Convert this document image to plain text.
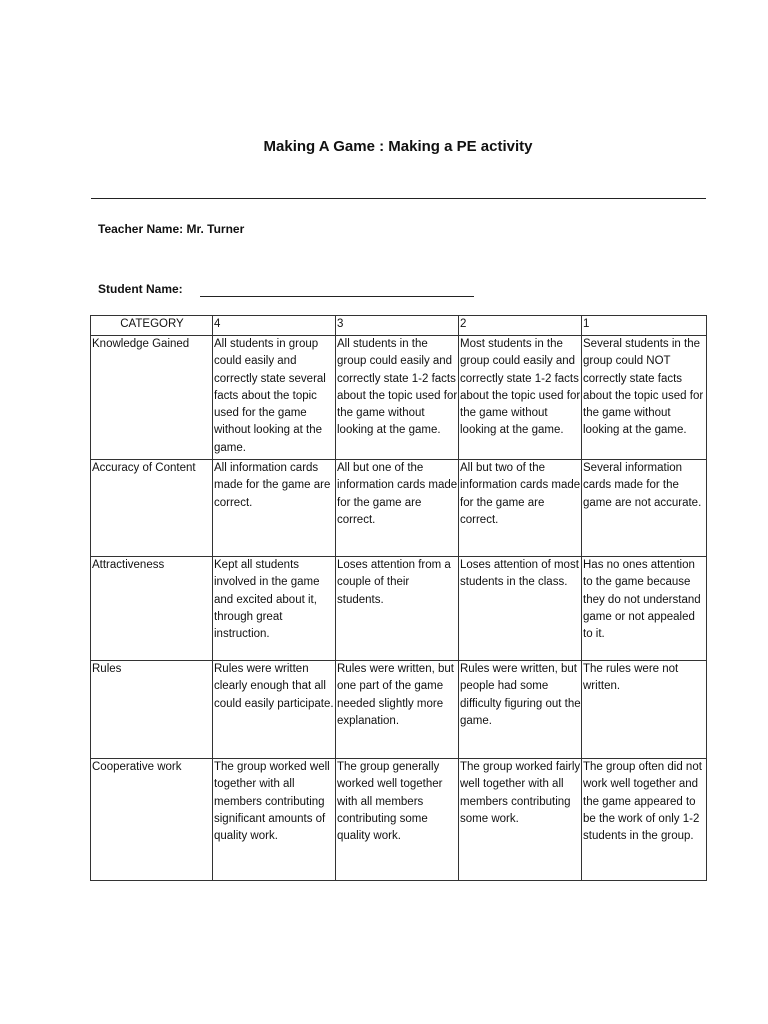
Making A Game : Making a PE activity
Teacher Name: Mr. Turner
Student Name:
CATEGORY	4	3	2	1
Knowledge Gained	All students in group could easily and correctly state several facts about the topic used for the game without looking at the game.	All students in the group could easily and correctly state 1-2 facts about the topic used for the game without looking at the game.	Most students in the group could easily and correctly state 1-2 facts about the topic used for the game without looking at the game.	Several students in the group could NOT correctly state facts about the topic used for the game without looking at the game.
Accuracy of Content	All information cards made for the game are correct.	All but one of the information cards made for the game are correct.	All but two of the information cards made for the game are correct.	Several information cards made for the game are not accurate.
Attractiveness	Kept all students involved in the game and excited about it, through great instruction.	Loses attention from a couple of their students.	Loses attention of most students in the class.	Has no ones attention to the game because they do not understand game or not appealed to it.
Rules	Rules were written clearly enough that all could easily participate.	Rules were written, but one part of the game needed slightly more explanation.	Rules were written, but people had some difficulty figuring out the game.	The rules were not written.
Cooperative work	The group worked well together with all members contributing significant amounts of quality work.	The group generally worked well together with all members contributing some quality work.	The group worked fairly well together with all members contributing some work.	The group often did not work well together and the game appeared to be the work of only 1-2 students in the group.
